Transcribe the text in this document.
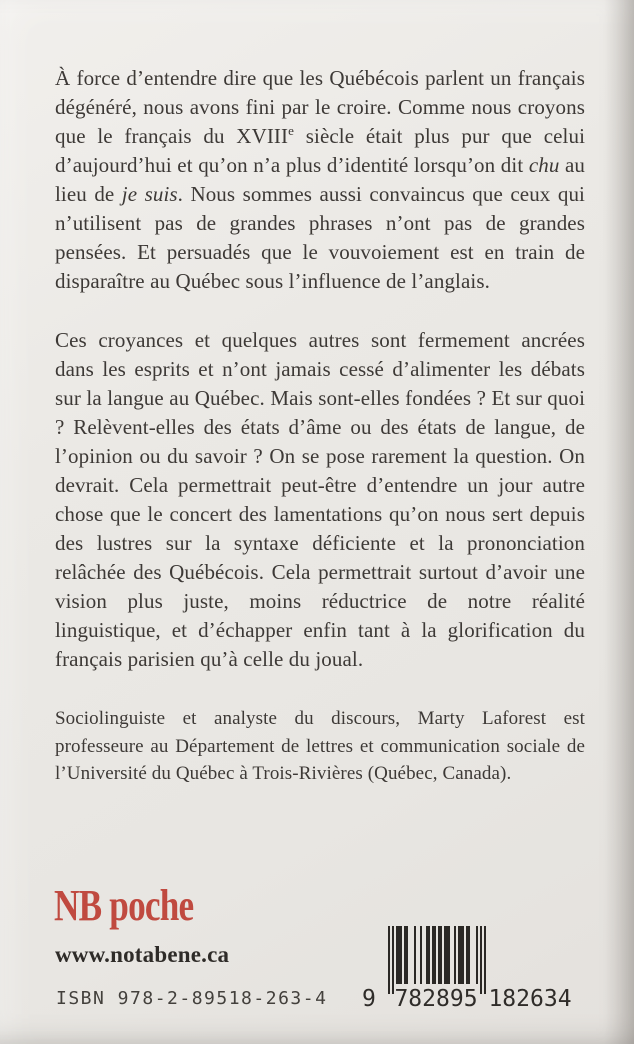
À force d’entendre dire que les Québécois parlent un français dégénéré, nous avons fini par le croire. Comme nous croyons que le français du XVIIIe siècle était plus pur que celui d’aujourd’hui et qu’on n’a plus d’identité lorsqu’on dit chu au lieu de je suis. Nous sommes aussi convaincus que ceux qui n’utilisent pas de grandes phrases n’ont pas de grandes pensées. Et persuadés que le vouvoiement est en train de disparaître au Québec sous l’influence de l’anglais.

Ces croyances et quelques autres sont fermement ancrées dans les esprits et n’ont jamais cessé d’alimenter les débats sur la langue au Québec. Mais sont-elles fondées ? Et sur quoi ? Relèvent-elles des états d’âme ou des états de langue, de l’opinion ou du savoir ? On se pose rarement la question. On devrait. Cela permettrait peut-être d’entendre un jour autre chose que le concert des lamentations qu’on nous sert depuis des lustres sur la syntaxe déficiente et la prononciation relâchée des Québécois. Cela permettrait surtout d’avoir une vision plus juste, moins réductrice de notre réalité linguistique, et d’échapper enfin tant à la glorification du français parisien qu’à celle du joual.

Sociolinguiste et analyste du discours, Marty Laforest est professeure au Département de lettres et communication sociale de l’Université du Québec à Trois-Rivières (Québec, Canada).

NB poche
www.notabene.ca
ISBN 978-2-89518-263-4 9 782895 182634
